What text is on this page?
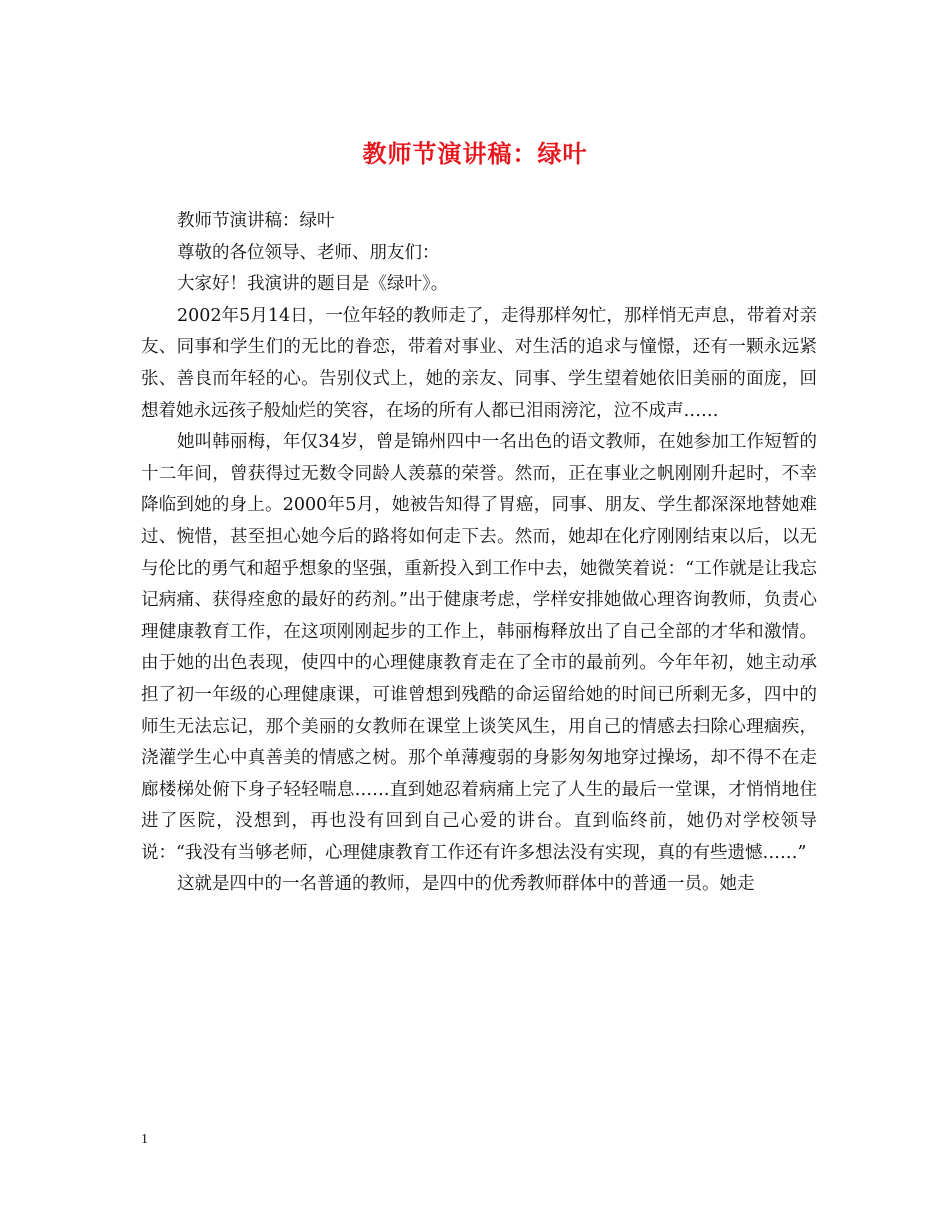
教师节演讲稿：绿叶

教师节演讲稿：绿叶

尊敬的各位领导、老师、朋友们：

大家好！我演讲的题目是《绿叶》。

2002年5月14日，一位年轻的教师走了，走得那样匆忙，那样悄无声息，带着对亲友、同事和学生们的无比的眷恋，带着对事业、对生活的追求与憧憬，还有一颗永远紧张、善良而年轻的心。告别仪式上，她的亲友、同事、学生望着她依旧美丽的面庞，回想着她永远孩子般灿烂的笑容，在场的所有人都已泪雨滂沱，泣不成声……

她叫韩丽梅，年仅34岁，曾是锦州四中一名出色的语文教师，在她参加工作短暂的十二年间，曾获得过无数令同龄人羡慕的荣誉。然而，正在事业之帆刚刚升起时，不幸降临到她的身上。2000年5月，她被告知得了胃癌，同事、朋友、学生都深深地替她难过、惋惜，甚至担心她今后的路将如何走下去。然而，她却在化疗刚刚结束以后，以无与伦比的勇气和超乎想象的坚强，重新投入到工作中去，她微笑着说：“工作就是让我忘记病痛、获得痊愈的最好的药剂。”出于健康考虑，学样安排她做心理咨询教师，负责心理健康教育工作，在这项刚刚起步的工作上，韩丽梅释放出了自己全部的才华和激情。由于她的出色表现，使四中的心理健康教育走在了全市的最前列。今年年初，她主动承担了初一年级的心理健康课，可谁曾想到残酷的命运留给她的时间已所剩无多，四中的师生无法忘记，那个美丽的女教师在课堂上谈笑风生，用自己的情感去扫除心理痼疾，浇灌学生心中真善美的情感之树。那个单薄瘦弱的身影匆匆地穿过操场，却不得不在走廊楼梯处俯下身子轻轻喘息……直到她忍着病痛上完了人生的最后一堂课，才悄悄地住进了医院，没想到，再也没有回到自己心爱的讲台。直到临终前，她仍对学校领导说：“我没有当够老师，心理健康教育工作还有许多想法没有实现，真的有些遗憾……”

这就是四中的一名普通的教师，是四中的优秀教师群体中的普通一员。她走

1
